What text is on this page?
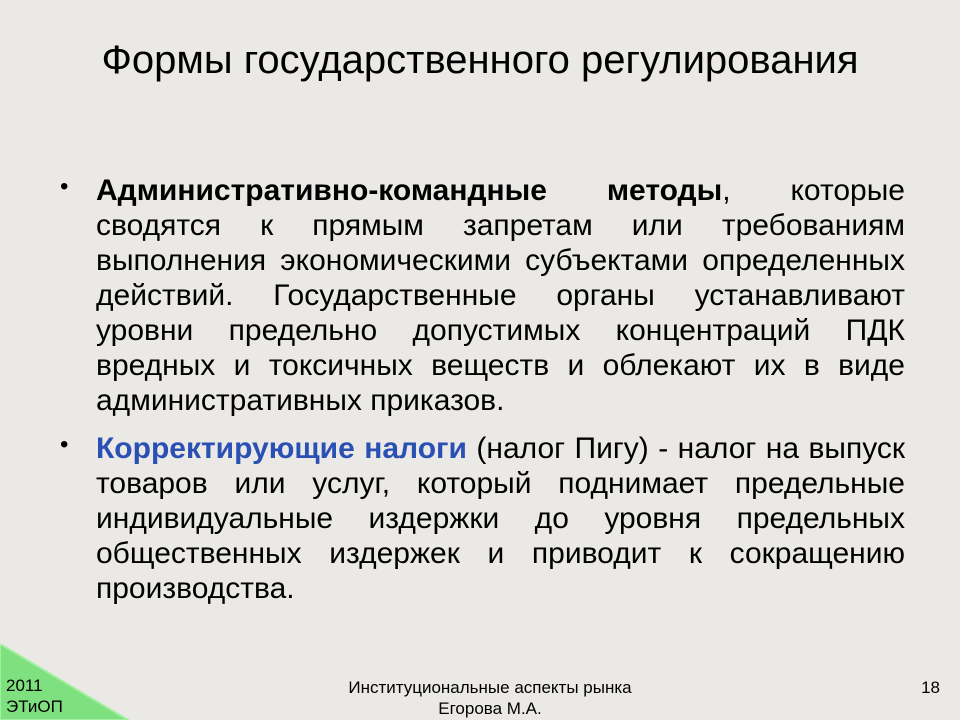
Формы государственного регулирования
• Административно-командные методы, которые сводятся к прямым запретам или требованиям выполнения экономическими субъектами определенных действий. Государственные органы устанавливают уровни предельно допустимых концентраций ПДК вредных и токсичных веществ и облекают их в виде административных приказов.
• Корректирующие налоги (налог Пигу) - налог на выпуск товаров или услуг, который поднимает предельные индивидуальные издержки до уровня предельных общественных издержек и приводит к сокращению производства.
2011
ЭТиОП
Институциональные аспекты рынка
Егорова М.А.
18
